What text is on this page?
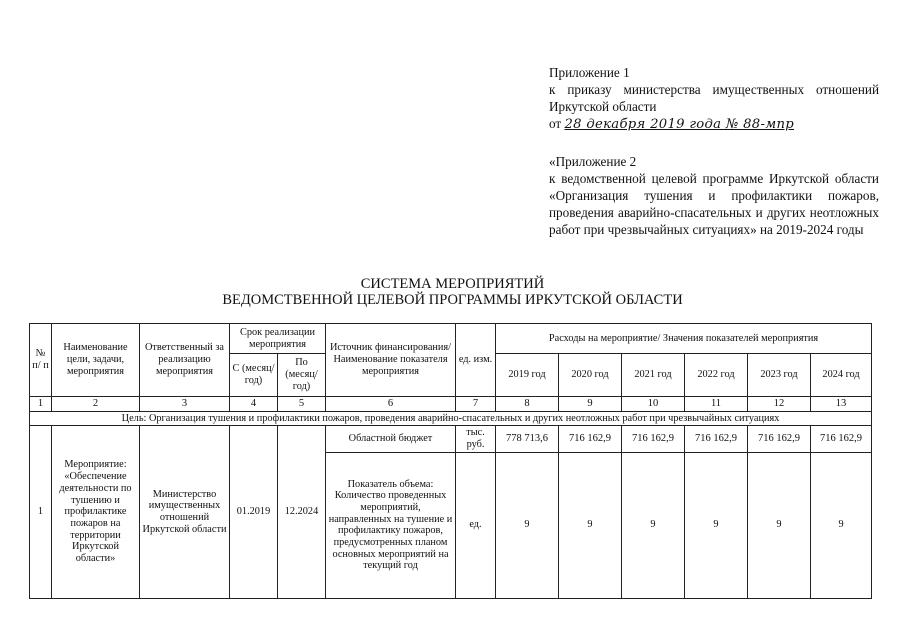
Приложение 1

к приказу министерства имущественных отношений Иркутской области

от 28 декабря 2019 года № 88-мпр

«Приложение 2

к ведомственной целевой программе Иркутской области «Организация тушения и профилактики пожаров, проведения аварийно-спасательных и других неотложных работ при чрезвычайных ситуациях» на 2019-2024 годы

СИСТЕМА МЕРОПРИЯТИЙ
ВЕДОМСТВЕННОЙ ЦЕЛЕВОЙ ПРОГРАММЫ ИРКУТСКОЙ ОБЛАСТИ
№ п/ п	Наименование цели, задачи, мероприятия	Ответственный за реализацию мероприятия	Срок реализации мероприятия		Источник финансирования/ Наименование показателя мероприятия	ед. изм.	Расходы на мероприятие/ Значения показателей мероприятия					
			С (месяц/ год)	По (месяц/ год)			2019 год	2020 год	2021 год	2022 год	2023 год	2024 год
1	2	3	4	5	6	7	8	9	10	11	12	13
Цель: Организация тушения и профилактики пожаров, проведения аварийно-спасательных и других неотложных работ при чрезвычайных ситуациях												
1	Мероприятие: «Обеспечение деятельности по тушению и профилактике пожаров на территории Иркутской области»	Министерство имущественных отношений Иркутской области	01.2019	12.2024	Областной бюджет	тыс. руб.	778 713,6	716 162,9	716 162,9	716 162,9	716 162,9	716 162,9
					Показатель объема: Количество проведенных мероприятий, направленных на тушение и профилактику пожаров, предусмотренных планом основных мероприятий на текущий год	ед.	9	9	9	9	9	9
